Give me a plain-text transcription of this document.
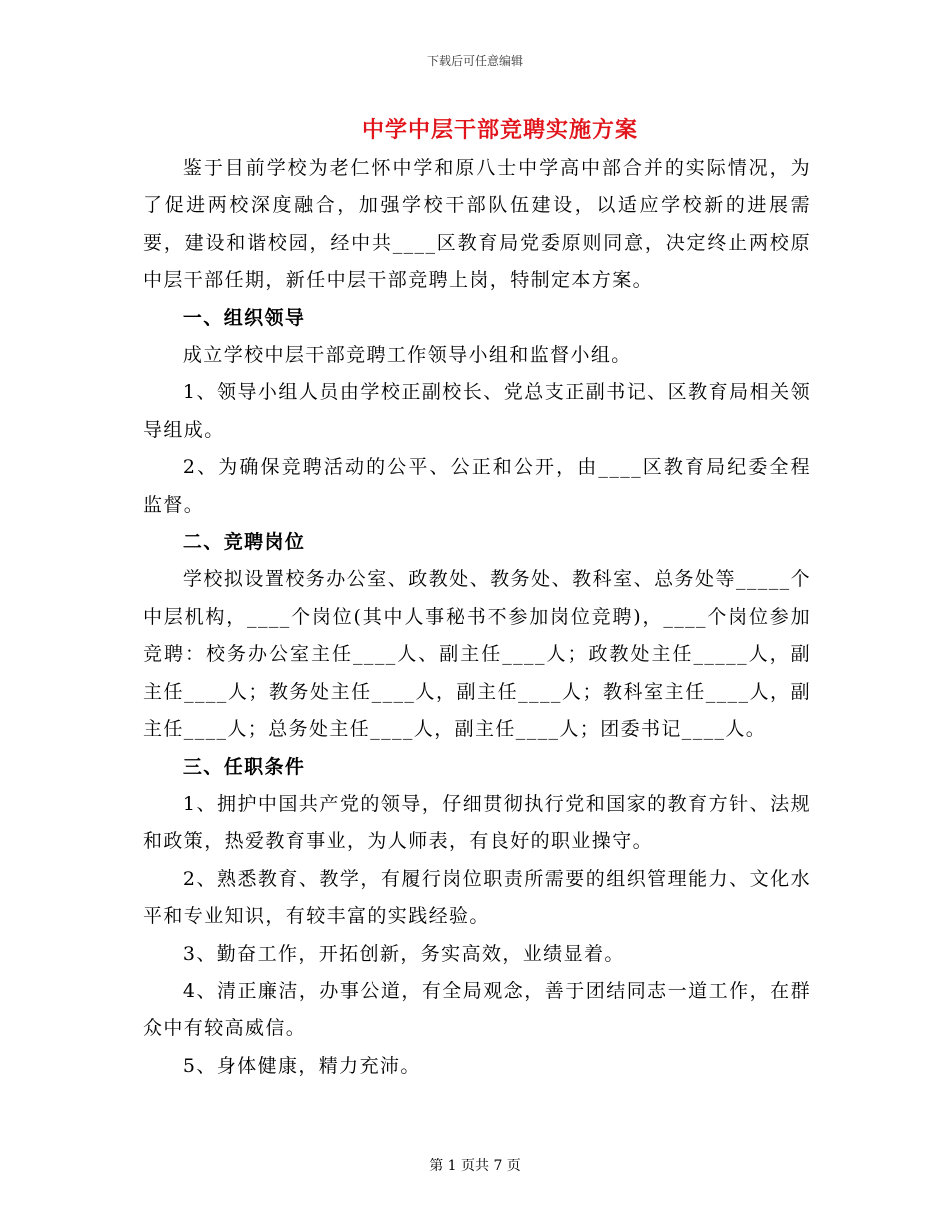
下载后可任意编辑
中学中层干部竞聘实施方案

鉴于目前学校为老仁怀中学和原八士中学高中部合并的实际情况，为了促进两校深度融合，加强学校干部队伍建设，以适应学校新的进展需要，建设和谐校园，经中共____区教育局党委原则同意，决定终止两校原中层干部任期，新任中层干部竞聘上岗，特制定本方案。

一、组织领导

成立学校中层干部竞聘工作领导小组和监督小组。

1、领导小组人员由学校正副校长、党总支正副书记、区教育局相关领导组成。

2、为确保竞聘活动的公平、公正和公开，由____区教育局纪委全程监督。

二、竞聘岗位

学校拟设置校务办公室、政教处、教务处、教科室、总务处等_____个中层机构，____个岗位(其中人事秘书不参加岗位竞聘)，____个岗位参加竞聘：校务办公室主任____人、副主任____人；政教处主任_____人，副主任____人；教务处主任____人，副主任____人；教科室主任____人，副主任____人；总务处主任____人，副主任____人；团委书记____人。

三、任职条件

1、拥护中国共产党的领导，仔细贯彻执行党和国家的教育方针、法规和政策，热爱教育事业，为人师表，有良好的职业操守。

2、熟悉教育、教学，有履行岗位职责所需要的组织管理能力、文化水平和专业知识，有较丰富的实践经验。

3、勤奋工作，开拓创新，务实高效，业绩显着。

4、清正廉洁，办事公道，有全局观念，善于团结同志一道工作，在群众中有较高威信。

5、身体健康，精力充沛。

第 1 页共 7 页
